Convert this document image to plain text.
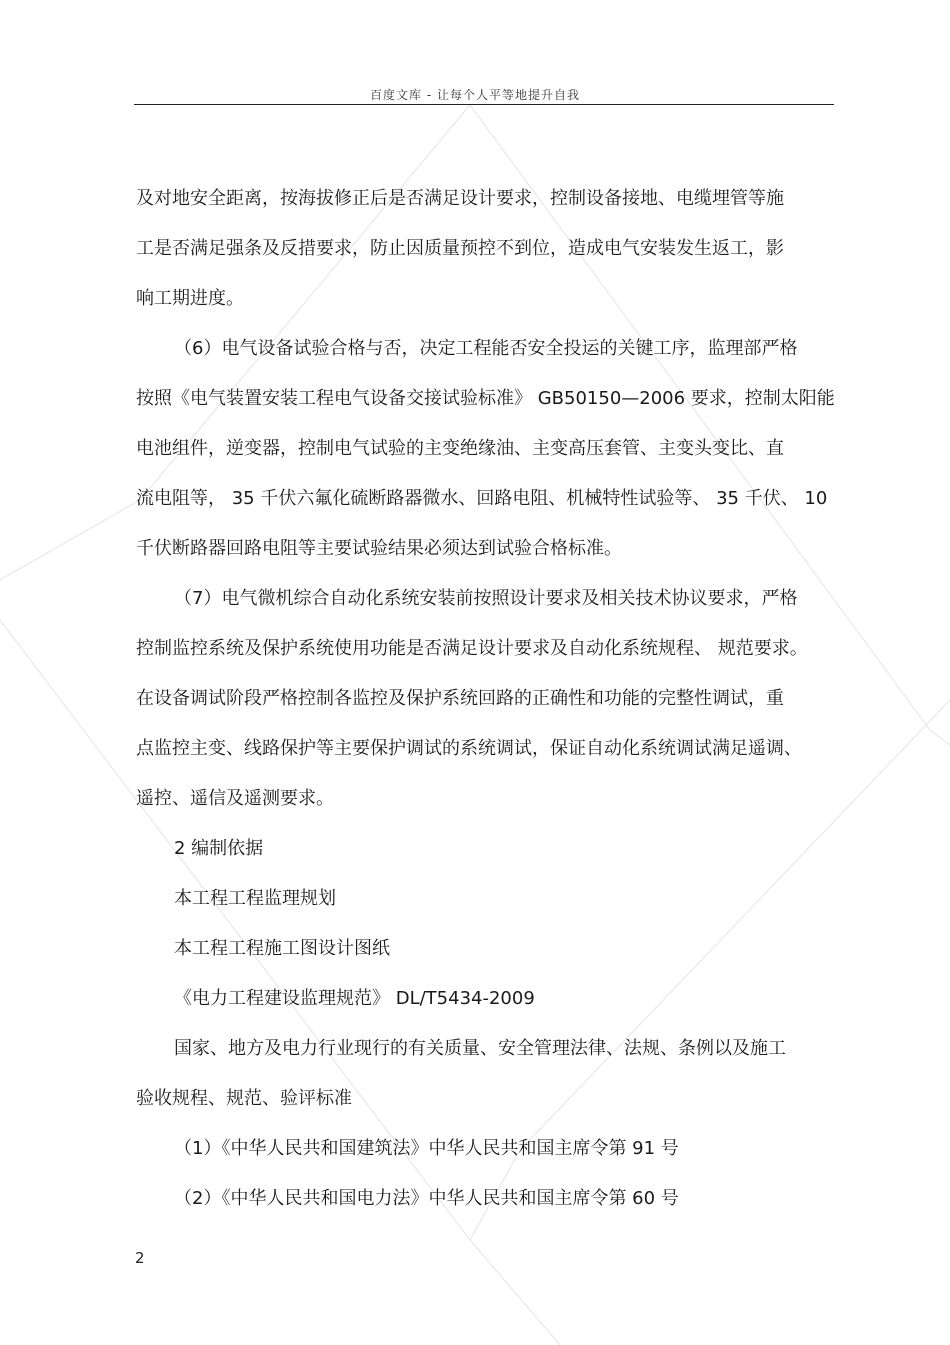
百度文库 - 让每个人平等地提升自我
及对地安全距离，按海拔修正后是否满足设计要求，控制设备接地、电缆埋管等施
工是否满足强条及反措要求，防止因质量预控不到位，造成电气安装发生返工，影
响工期进度。
（6）电气设备试验合格与否，决定工程能否安全投运的关键工序，监理部严格
按照《电气装置安装工程电气设备交接试验标准》 GB50150—2006 要求，控制太阳能
电池组件，逆变器，控制电气试验的主变绝缘油、主变高压套管、主变头变比、直
流电阻等， 35 千伏六氟化硫断路器微水、回路电阻、机械特性试验等、 35 千伏、 10
千伏断路器回路电阻等主要试验结果必须达到试验合格标准。
（7）电气微机综合自动化系统安装前按照设计要求及相关技术协议要求，严格
控制监控系统及保护系统使用功能是否满足设计要求及自动化系统规程、 规范要求。
在设备调试阶段严格控制各监控及保护系统回路的正确性和功能的完整性调试，重
点监控主变、线路保护等主要保护调试的系统调试，保证自动化系统调试满足遥调、
遥控、遥信及遥测要求。
2 编制依据
本工程工程监理规划
本工程工程施工图设计图纸
《电力工程建设监理规范》 DL/T5434-2009
国家、地方及电力行业现行的有关质量、安全管理法律、法规、条例以及施工
验收规程、规范、验评标准
（1）《中华人民共和国建筑法》中华人民共和国主席令第 91 号
（2）《中华人民共和国电力法》中华人民共和国主席令第 60 号
2
